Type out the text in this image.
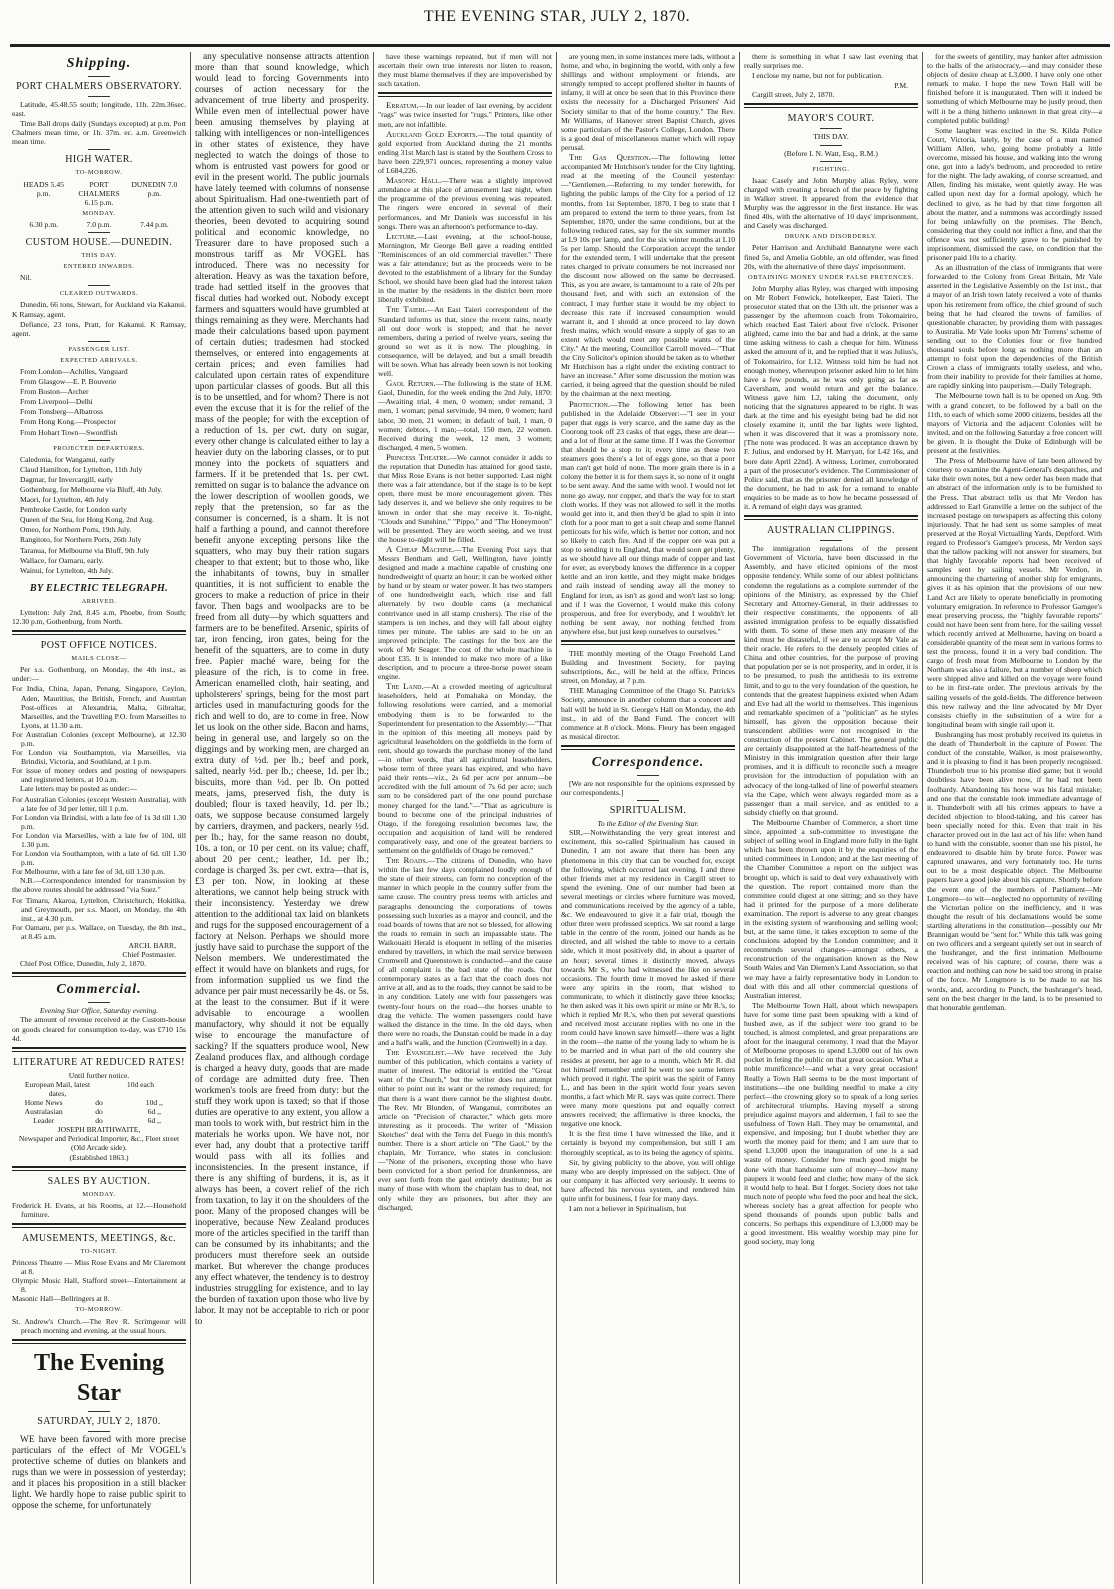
THE EVENING STAR, JULY 2, 1870.
Shipping.
PORT CHALMERS OBSERVATORY.
Latitude, 45.48.55 south; longitude, 11h. 22m.36sec. east.
Time Ball drops daily (Sundays excepted) at p.m. Port Chalmers mean time, or 1h. 37m. ec. a.m. Greenwich mean time.
HIGH WATER.
TO-MORROW.
HEADS 5.45 p.m.
PORT CHALMERS 6.15 p.m.
DUNEDIN 7.0 p.m.
MONDAY.
6.30 p.m.	7.0 p.m.	7.44 p.m.
CUSTOM HOUSE.—DUNEDIN.
THIS DAY.
ENTERED INWARDS.
Nil.
CLEARED OUTWARDS.
Dunedin, 66 tons, Stewart, for Auckland via Kakanui. K Ramsay, agent.
Defiance, 23 tons, Pratt, for Kakanui. K Ramsay, agent.
PASSENGER LIST.
EXPECTED ARRIVALS.
From London—Achilles, Vanguard
From Glasgow—E. P. Bouverie
From Boston—Archer
From Liverpool—Delhi
From Tonsberg—Albatross
From Hong Kong.—Prospector
From Hobart Town—Swordfish
PROJECTED DEPARTURES.
Caledonia, for Wanganui, early
Claud Hamilton, for Lyttelton, 11th July
Dagmar, for Invercargill, early
Gothenburg, for Melbourne via Bluff, 4th July.
Maori, for Lyttelton, 4th July
Pembroke Castle, for London early
Queen of the Sea, for Hong Kong, 2nd Aug.
Omeo, for Northern Ports, 19th July.
Rangitoto, for Northern Ports, 26th July
Taranua, for Melbourne via Bluff, 9th July
Wallace, for Oamaru, early.
Wainui, for Lyttelton, 4th July.
BY ELECTRIC TELEGRAPH.
ARRIVED.
Lyttelton: July 2nd, 8.45 a.m, Phoebe, from South; 12.30 p.m, Gothenburg, from North.
POST OFFICE NOTICES.
MAILS CLOSE—
Per s.s. Gothenburg, on Monday, the 4th inst., as under:—
For India, China, Japan, Penang, Singapore, Ceylon, Aden, Mauritius, the British, French, and Austrian Post-offices at Alexandria, Malta, Gibraltar, Marseilles, and the Travelling P.O. from Marseilles to Lyons, at 11.30 a.m.
For Australian Colonies (except Melbourne), at 12.30 p.m.
For London via Southampton, via Marseilles, via Brindisi, Victoria, and Southland, at 1 p.m.
For issue of money orders and posting of newspapers and registered letters, at 10 a.m.
Late letters may be posted as under:—
For Australian Colonies (except Western Australia), with a late fee of 3d per letter, till 1 p.m.
For London via Brindisi, with a late fee of 1s 3d till 1.30 p.m.
For London via Marseilles, with a late fee of 10d, till 1.30 p.m.
For London via Southampton, with a late of 6d. till 1.30 p.m.
For Melbourne, with a late fee of 3d, till 1.30 p.m.
N.B.—Correspondence intended for transmission by the above routes should be addressed "via Suez."
For Timaru, Akaroa, Lyttelton, Christchurch, Hokitika, and Greymouth, per s.s. Maori, on Monday, the 4th inst., at 4.30 p.m.
For Oamaru, per p.s. Wallace, on Tuesday, the 8th inst., at 8.45 a.m.
ARCH. BARR,
Chief Postmaster.
Chief Post Office, Dunedin, July 2, 1870.
Commercial.
Evening Star Office, Saturday evening.
The amount of revenue received at the Custom-house on goods cleared for consumption to-day, was £710 15s 4d.
LITERATURE AT REDUCED RATES!
Until further notice.
European Mail, latest dates,
10d each
Home News	do	10d ,,
Australasian	do	6d ,,
Leader	do	6d ,,
JOSEPH BRAITHWAITE,
Newspaper and Periodical Importer, &c., Fleet street (Old Arcade side).
(Established 1863.)
SALES BY AUCTION.
MONDAY.
Frederick H. Evans, at his Rooms, at 12.—Household furniture.
AMUSEMENTS, MEETINGS, &c.
TO-NIGHT.
Princess Theatre — Miss Rose Evans and Mr Claremont at 8.
Olympic Music Hall, Stafford street—Entertainment at 8.
Masonic Hall—Bellringers at 8.
TO-MORROW.
St. Andrew's Church.—The Rev R. Scrimgeour will preach morning and evening, at the usual hours.
The Evening Star
SATURDAY, JULY 2, 1870.
WE have been favored with more precise particulars of the effect of Mr VOGEL's protective scheme of duties on blankets and rugs than we were in possession of yesterday; and it places his proposition in a still blacker light. We hardly hope to raise public spirit to oppose the scheme, for unfortunately
any speculative nonsense attracts attention more than that sound knowledge, which would lead to forcing Governments into courses of action necessary for the advancement of true liberty and prosperity. While even men of intellectual power have been amusing themselves by playing at talking with intelligences or non-intelligences in other states of existence, they have neglected to watch the doings of those to whom is entrusted vast powers for good or evil in the present world. The public journals have lately teemed with columns of nonsense about Spiritualism. Had one-twentieth part of the attention given to such wild and visionary theories, been devoted to acquiring sound political and economic knowledge, no Treasurer dare to have proposed such a monstrous tariff as Mr VOGEL has introduced. There was no necessity for alteration. Heavy as was the taxation before, trade had settled itself in the grooves that fiscal duties had worked out. Nobody except farmers and squatters would have grumbled at things remaining as they were. Merchants had made their calculations based upon payment of certain duties; tradesmen had stocked themselves, or entered into engagements at certain prices; and even families had calculated upon certain rates of expenditure upon particular classes of goods. But all this is to be unsettled, and for whom? There is not even the excuse that it is for the relief of the mass of the people; for with the exception of a reduction of 1s. per cwt. duty on sugar, every other change is calculated either to lay a heavier duty on the laboring classes, or to put money into the pockets of squatters and farmers. If it be pretended that 1s. per cwt. remitted on sugar is to balance the advance on the lower description of woollen goods, we reply that the pretension, so far as the consumer is concerned, is a sham. It is not half a farthing a pound, and cannot therefore benefit anyone excepting persons like the squatters, who may buy their ration sugars cheaper to that extent; but to those who, like the inhabitants of towns, buy in smaller quantities, it is not sufficient to enable the grocers to make a reduction of price in their favor. Then bags and woolpacks are to be freed from all duty—by which squatters and farmers are to be benefited. Arsenic, spirits of tar, iron fencing, iron gates, being for the benefit of the squatters, are to come in duty free. Papier maché ware, being for the pleasure of the rich, is to come in free. American enamelled cloth, hair seating, and upholsterers' springs, being for the most part articles used in manufacturing goods for the rich and well to do, are to come in free. Now let us look on the other side. Bacon and hams, being in general use, and largely so on the diggings and by working men, are charged an extra duty of ½d. per lb.; beef and pork, salted, nearly ½d. per lb.; cheese, 1d. per lb.; biscuits, more than ½d. per lb. On potted meats, jams, preserved fish, the duty is doubled; flour is taxed heavily, 1d. per lb.; oats, we suppose because consumed largely by carriers, draymen, and packers, nearly ½d. per lb.; hay, for the same reason no doubt, 10s. a ton, or 10 per cent. on its value; chaff, about 20 per cent.; leather, 1d. per lb.; cordage is charged 3s. per cwt. extra—that is, £3 per ton. Now, in looking at these alterations, we cannot help being struck with their inconsistency. Yesterday we drew attention to the additional tax laid on blankets and rugs for the supposed encouragement of a factory at Nelson. Perhaps we should more justly have said to purchase the support of the Nelson members. We underestimated the effect it would have on blankets and rugs, for from information supplied us we find the advance per pair must necessarily be 4s. or 5s. at the least to the consumer. But if it were advisable to encourage a woollen manufactory, why should it not be equally wise to encourage the manufacture of sacking? If the squatters produce wool, New Zealand produces flax, and although cordage is charged a heavy duty, goods that are made of cordage are admitted duty free. Then workmen's tools are freed from duty: but the stuff they work upon is taxed; so that if those duties are operative to any extent, you allow a man tools to work with, but restrict him in the materials he works upon. We have not, nor ever had, any doubt that a protective tariff would pass with all its follies and inconsistencies. In the present instance, if there is any shifting of burdens, it is, as it always has been, a covert relief of the rich from taxation, to lay it on the shoulders of the poor. Many of the proposed changes will be inoperative, because New Zealand produces more of the articles specified in the tariff than can be consumed by its inhabitants; and the producers must therefore seek an outside market. But wherever the change produces any effect whatever, the tendency is to destroy industries struggling for existence, and to lay the burden of taxation upon those who live by labor. It may not be acceptable to rich or poor to
have these warnings repeated, but if men will not ascertain their own true interests nor listen to reason, they must blame themselves if they are impoverished by such taxation.
Erratum.—In our leader of last evening, by accident "rags" was twice inserted for "rugs." Printers, like other men, are not infallible.
Auckland Gold Exports.—The total quantity of gold exported from Auckland during the 21 months ending 31st March last is stated by the Southern Cross to have been 229,971 ounces, representing a money value of L684,226.
Masonic Hall.—There was a slightly improved attendance at this place of amusement last night, when the programme of the previous evening was repeated. The ringers were encored in several of their performances, and Mr Daniels was successful in his songs. There was an afternoon's performance to-day.
Lecture.—Last evening, at the school-house, Mornington, Mr George Bell gave a reading entitled "Reminiscences of an old commercial traveller." There was a fair attendance; but as the proceeds were to be devoted to the establishment of a library for the Sunday School, we should have been glad had the interest taken in the matter by the residents in the district been more liberally exhibited.
The Taieri.—An East Taieri correspondent of the Standard informs us that, since the recent rains, nearly all out door work is stopped; and that he never remembers, during a period of twelve years, seeing the ground so wet as it is now. The ploughing, in consequence, will be delayed, and but a small breadth will be sown. What has already been sown is not looking well.
Gaol Return.—The following is the state of H.M. Gaol, Dunedin, for the week ending the 2nd July, 1870:—Awaiting trial, 4 men, 0 women; under remand, 3 men, 1 woman; penal servitude, 94 men, 0 women; hard labor, 30 men, 21 women; in default of bail, 1 man, 0 women; debtors, 1 man;—total, 150 men, 22 women. Received during the week, 12 men, 3 women; discharged, 4 men, 5 women.
Princess Theatre.—We cannot consider it adds to the reputation that Dunedin has attained for good taste, that Miss Rose Evans is not better supported. Last night there was a fair attendance, but if the stage is to be kept open, there must be more encouragement given. This lady deserves it, and we believe she only requires to be known in order that she may receive it. To-night, "Clouds and Sunshine," "Pippo," and "The Honeymoon" will be presented. They are worth seeing, and we trust the house to-night will be filled.
A Cheap Machine.—The Evening Post says that Messrs Bentham and Gell, Wellington, have jointly designed and made a machine capable of crushing one hundredweight of quartz an hour; it can be worked either by hand or by steam or water power. It has two stampers of one hundredweight each, which rise and fall alternately by two double cams (a mechanical contrivance used in all stamp crushers). The rise of the stampers is ten inches, and they will fall about eighty times per minute. The tables are said to be on an improved principle. The castings for the box are the work of Mr Seager. The cost of the whole machine is about £35. It is intended to make two more of a like description, and to procure a three-horse power steam engine.
The Land.—At a crowded meeting of agricultural leaseholders, held at Pomahaka on Monday, the following resolutions were carried, and a memorial embodying them is to be forwarded to the Superintendent for presentation to the Assembly:—"That in the opinion of this meeting all moneys paid by agricultural leaseholders on the goldfields in the form of rent, should go towards the purchase money of the land—in other words, that all agricultural leaseholders, whose term of three years has expired, and who have paid their rents—viz., 2s 6d per acre per annum—be accredited with the full amount of 7s 6d per acre; such sum to be considered part of the one pound purchase money charged for the land."—"That as agriculture is bound to become one of the principal industries of Otago, if the foregoing resolution becomes law, the occupation and acquisition of land will be rendered comparatively easy, and one of the greatest barriers to settlement on the goldfields of Otago be removed."
The Roads.—The citizens of Dunedin, who have within the last few days complained loudly enough of the state of their streets, can form no conception of the manner in which people in the country suffer from the same cause. The country press teems with articles and paragraphs denouncing the corporations of towns possessing such luxuries as a mayor and council, and the road boards of towns that are not so blessed, for allowing the roads to remain in such an impassable state. The Waikouaiti Herald is eloquent in telling of the miseries endured by travellers, in which the mail service between Cromwell and Queenstown is conducted—and the cause of all complaint is the bad state of the roads. Our contemporary states as a fact that the coach does not arrive at all, and as to the roads, they cannot be said to be in any condition. Lately one with four passengers was twenty-four hours on the road—the horses unable to drag the vehicle. The women passengers could have walked the distance in the time. In the old days, when there were no roads, the Dunstan could be made in a day and a half's walk, and the Junction (Cromwell) in a day.
The Evangelist.—We have received the July number of this publication, which contains a variety of matter of interest. The editorial is entitled the "Great want of the Church," but the writer does not attempt either to point out its want or the remedy required; for that there is a want there cannot be the slightest doubt. The Rev. Mr Blunden, of Wanganui, contributes an article on "Precision of character," which gets more interesting as it proceeds. The writer of "Mission Sketches" deal with the Terra del Fuego in this month's number. There is a short article on "The Gaol," by the chaplain, Mr Torrance, who states in conclusion:—"None of the prisoners, excepting those who have been convicted for a short period for drunkenness, are ever sent forth from the gaol entirely destitute; but as many of those with whom the chaplain has to deal, not only while they are prisoners, but after they are discharged,
are young men, in some instances mere lads, without a home, and who, in beginning the world, with only a few shillings and without employment or friends, are strongly tempted to accept proffered shelter in haunts of infamy, it will at once be seen that in this Province there exists the necessity for a Discharged Prisoners' Aid Society similar to that of the home country." The Rev. Mr Williams, of Hanover street Baptist Church, gives some particulars of the Pastor's College, London. There is a good deal of miscellaneous matter which will repay perusal.
The Gas Question.—The following letter accompanied Mr Hutchison's tender for the City lighting, read at the meeting of the Council yesterday:—"Gentlemen.—Referring to my tender herewith, for lighting the public lamps of the City for a period of 12 months, from 1st September, 1870, I beg to state that I am prepared to extend the term to three years, from 1st September, 1870, under the same conditions, but at the following reduced rates, say for the six summer months at L9 10s per lamp, and for the six winter months at L10 5s per lamp. Should the Corporation accept the tender for the extended term, I will undertake that the present rates charged to private consumers be not increased nor the discount now allowed on the same be decreased. This, as you are aware, is tantamount to a rate of 20s per thousand feet, and with such an extension of the contract, I may further state it would be my object to decrease this rate if increased consumption would warrant it, and I should at once proceed to lay down fresh mains, which would ensure a supply of gas to an extent which would meet any possible wants of the City." At the meeting, Councillor Carroll moved—"That the City Solicitor's opinion should be taken as to whether Mr Hutchison has a right under the existing contract to have an increase." After some discussion the motion was carried, it being agreed that the question should be ruled by the chairman at the next meeting.
Protection.—The following letter has been published in the Adelaide Observer:—"I see in your paper that eggs is very scarce, and the same day as the Coorong took off 23 casks of that eggs, these are dear—and a lot of flour at the same time. If I was the Governor that should be a stop to it; every time as these two steamers goes there's a lot of eggs gone, so that a poor man can't get hold of none. The more grain there is in a colony the better it is for them says it, so none of it ought to be sent away. And the same with wool. I would not let none go away, nor copper, and that's the way for to start cloth works. If they was not allowed to sell it the moths would get into it, and then they'd be glad to spin it into cloth for a poor man to get a suit cheap and some flannel petticoats for his wife, which is better nor cotton, and not so likely to catch fire. And if the copper ore was put a stop to sending it to England, that would soon get plenty, as we should have all our things made of copper and last for ever, as everybody knows the difference in a copper kettle and an iron kettle, and they might make bridges and rails instead of sending away all the money to England for iron, as isn't as good and won't last so long; and if I was the Governor, I would make this colony prosperous, and free for everybody, and I wouldn't let nothing be sent away, nor nothing fetched from anywhere else, but just keep ourselves to ourselves."
THE monthly meeting of the Otago Freehold Land Building and Investment Society, for paying subscriptions, &c., will be held at the office, Princes street, on Monday, at 7 p.m.
THE Managing Committee of the Otago St. Patrick's Society, announce in another column that a concert and ball will be held in St. George's Hall on Monday, the 4th inst., in aid of the Band Fund. The concert will commence at 8 o'clock. Mons. Fleury has been engaged as musical director.
Correspondence.
[We are not responsible for the opinions expressed by our correspondents.]
SPIRITUALISM.
To the Editor of the Evening Star.
SIR,—Notwithstanding the very great interest and excitement, this so-called Spiritualism has caused in Dunedin, I am not aware that there has been any phenomena in this city that can be vouched for, except the following, which occurred last evening. I and three other friends met at my residence in Cargill street to spend the evening. One of our number had been at several meetings or circles where furniture was moved, and communications received by the agency of a table, &c. We endeavoured to give it a fair trial, though the other three were professed sceptics. We sat round a large table in the centre of the room, joined our hands as he directed, and all wished the table to move to a certain side, which it most positively did, in about a quarter of an hour; several times it distinctly moved, always towards Mr S., who had witnessed the like on several occasions. The fourth time it moved he asked if there were any spirits in the room, that wished to communicate, to which it distinctly gave three knocks; he then asked was it his own spirit or mine or Mr R.'s, to which it replied Mr R.'s, who then put several questions and received most accurate replies with no one in the room could have known save himself—there was a light in the room—the name of the young lady to whom he is to be married and in what part of the old country she resides at present, her age to a month, which Mr R. did not himself remember until he went to see some letters which proved it right. The spirit was the spirit of Fanny L., and has been in the spirit world four years seven months, a fact which Mr R. says was quite correct. There were many more questions put and equally correct answers received; the affirmative is three knocks, the negative one knock.
It is the first time I have witnessed the like, and it certainly is beyond my comprehension, but still I am thoroughly sceptical, as to its being the agency of spirits.
Sir, by giving publicity to the above, you will oblige many who are deeply impressed on the subject. One of our company it has affected very seriously. It seems to have affected his nervous system, and rendered him quite unfit for business, I fear for many days.
I am not a believer in Spiritualism, but
there is something in what I saw last evening that really surprises me.
I enclose my name, but not for publication.
P.M.
Cargill street, July 2, 1870.
MAYOR'S COURT.
THIS DAY.
(Before I. N. Watt, Esq., R.M.)
FIGHTING.
Isaac Casely and John Murphy alias Ryley, were charged with creating a breach of the peace by fighting in Walker street. It appeared from the evidence that Murphy was the aggressor in the first instance. He was fined 40s, with the alternative of 10 days' imprisonment, and Casely was discharged.
DRUNK AND DISORDERLY.
Peter Harrison and Archibald Bannatyne were each fined 5s, and Amelia Gobble, an old offender, was fined 20s, with the alternative of three days' imprisonment.
OBTAINING MONEY UNDER FALSE PRETENCES.
John Murphy alias Ryley, was charged with imposing on Mr Robert Fenwick, hotelkeeper, East Taieri. The prosecutor stated that on the 13th ult. the prisoner was a passenger by the afternoon coach from Tokomairiro, which reached East Taieri about five o'clock. Prisoner alighted, came into the bar and had a drink, at the same time asking witness to cash a cheque for him. Witness asked the amount of it, and he replied that it was Julius's, of Tokomairiro, for L12. Witness told him he had not enough money, whereupon prisoner asked him to let him have a few pounds, as he was only going as far as Caversham, and would return and get the balance. Witness gave him L2, taking the document, only noticing that the signatures appeared to be right. It was dark at the time and his eyesight being bad he did not closely examine it, until the bar lights were lighted, when it was discovered that it was a promissory note. [The note was produced. It was an acceptance drawn by F. Julius, and endorsed by H. Marryatt, for L42 16s, and bore date April 22nd]. A witness, Lorimer, corroborated a part of the prosecutor's evidence. The Commissioner of Police said, that as the prisoner denied all knowledge of the document, he had to ask for a remand to enable enquiries to be made as to how he became possessed of it. A remand of eight days was granted.
AUSTRALIAN CLIPPINGS.
The immigration regulations of the present Government of Victoria, have been discussed in the Assembly, and have elicited opinions of the most opposite tendency. While some of our ablest politicians condemn the regulations as a complete surrender of the opinions of the Ministry, as expressed by the Chief Secretary and Attorney-General, in their addresses to their respective constituents, the opponents of all assisted immigration profess to be equally dissatisfied with them. To some of these men any measure of the kind must be distasteful, if we are to accept Mr Vale as their oracle. He refers to the densely peopled cities of China and other countries, for the purpose of proving that population per se is not prosperity, and in order, it is to be presumed, to push the antithesis to its extreme limit, and to go to the very foundation of the question, he contends that the greatest happiness existed when Adam and Eve had all the world to themselves. This ingenious and remarkable specimen of a "politician" as he styles himself, has given the opposition because their transcendent abilities were not recognised in the construction of the present Cabinet. The general public are certainly disappointed at the half-heartedness of the Ministry in this immigration question after their large promises, and it is difficult to reconcile such a meagre provision for the introduction of population with an advocacy of the long-talked of line of powerful steamers via the Cape, which were always regarded more as a passenger than a mail service, and as entitled to a subsidy chiefly on that ground.
The Melbourne Chamber of Commerce, a short time since, appointed a sub-committee to investigate the subject of selling wool in England more fully in the light which has been thrown upon it by the enquiries of the united committees in London; and at the last meeting of the Chamber Committee a report on the subject was brought up, which is said to deal very exhaustively with the question. The report contained more than the committee could digest at one sitting; and so they have had it printed for the purpose of a more deliberate examination. The report is adverse to any great changes in the existing system of warehousing and selling wool; but, at the same time, it takes exception to some of the conclusions adopted by the London committee; and it recommends several changes—amongst others, a reconstruction of the organisation known as the New South Wales and Van Diemen's Land Association, so that we may have a fairly representative body in London to deal with this and all other commercial questions of Australian interest.
The Melbourne Town Hall, about which newspapers have for some time past been speaking with a kind of hushed awe, as if the subject were too grand to be touched, is almost completed, and great preparations are afoot for the inaugural ceremony. I read that the Mayor of Melbourne proposes to spend L3,000 out of his own pocket in feting the public on that great occasion. What a noble munificence!—and what a very great occasion! Really a Town Hall seems to be the most important of institutions—the one building needful to make a city perfect—the crowning glory so to speak of a long series of architectural triumphs. Having myself a strong prejudice against mayors and aldermen, I fail to see the usefulness of Town Hall. They may be ornamental, and expensive, and imposing; but I doubt whether they are worth the money paid for them; and I am sure that to spend L3,000 upon the inauguration of one is a sad waste of money. Consider how much good might be done with that handsome sum of money—how many paupers it would feed and clothe; how many of the sick it would help to heal. But I forget. Society does not take much note of people who feed the poor and heal the sick, whereas society has a great affection for people who spend thousands of pounds upon public balls and concerts. So perhaps this expenditure of L3,000 may be a good investment. His wealthy worship may pine for good society, may long
for the sweets of gentility, may hanker after admission to the halls of the aristocracy,—and may consider these objects of desire cheap at L3,000. I have only one other remark to make. I hope the new Town Hall will be finished before it is inaugurated. Then will it indeed be something of which Melbourne may be justly proud, then will it be a thing hitherto unknown in that great city—a completed public building!
Some laughter was excited in the St. Kilda Police Court, Victoria, lately, by the case of a man named William Allen, who, going home probably a little overcome, missed his house, and walking into the wrong one, got into a lady's bedroom, and proceeded to retire for the night. The lady awaking, of course screamed, and Allen, finding his mistake, went quietly away. He was called upon next day for a formal apology, which he declined to give, as he had by that time forgotten all about the matter, and a summons was accordingly issued for being unlawfully on the premises. The Bench, considering that they could not inflict a fine, and that the offence was not sufficiently grave to be punished by imprisonment, dismissed the case, on condition that the prisoner paid 10s to a charity.
As an illustration of the class of immigrants that were forwarded to the Colony from Great Britain, Mr Vale asserted in the Legislative Assembly on the 1st inst., that a mayor of an Irish town lately received a vote of thanks upon his retirement from office, the chief ground of such being that he had cleared the towns of families of questionable character, by providing them with passages to Australia. Mr Vale looks upon Mr Torrens' scheme of sending out to the Colonies four or five hundred thousand souls before long as nothing more than an attempt to foist upon the dependencies of the British Crown a class of immigrants totally useless, and who, from their inability to provide for their families at home, are rapidly sinking into pauperism.—Daily Telegraph.
The Melbourne town hall is to be opened on Aug. 9th with a grand concert, to be followed by a ball on the 11th, to each of which some 2000 citizens, besides all the mayors of Victoria and the adjacent Colonies will be invited, and on the following Saturday a free concert will be given. It is thought the Duke of Edinburgh will be present at the festivities.
The Press of Melbourne have of late been allowed by courtesy to examine the Agent-General's despatches, and take their own notes, but a new order has been made that an abstract of the information only is to be furnished to the Press. That abstract tells us that Mr Verdon has addressed to Earl Granville a letter on the subject of the increased postage on newspapers as affecting this colony injuriously. That he had sent us some samples of meat preserved at the Royal Victualling Yards, Deptford. With regard to Professor's Gamgee's process, Mr Verdon says that the tallow packing will not answer for steamers, but that highly favorable reports had been received of samples sent by sailing vessels. Mr Verdon, in announcing the chartering of another ship for emigrants, gives it as his opinion that the provisions of our new Land Act are likely to operate beneficially in promoting voluntary emigration. In reference to Professor Gamgee's meat preserving process, the "highly favorable reports" could not have been sent from here, for the sailing vessel which recently arrived at Melbourne, having on board a considerable quantity of the meat sent in various forms to test the process, found it in a very bad condition. The cargo of fresh meat from Melbourne to London by the Northam was also a failure, but a number of sheep which were shipped alive and killed on the voyage were found to be in first-rate order. The previous arrivals by the sailing vessels of the gold-fields. The difference between this new railway and the line advocated by Mr Dyer consists chiefly in the substitution of a wire for a longitudinal beam with single rail upon it.
Bushranging has most probably received its quietus in the death of Thunderbolt in the capture of Power. The conduct of the constable, Walker, is most praiseworthy, and it is pleasing to find it has been properly recognised. Thunderbolt true to his promise died game; but it would doubtless have been alive now, if he had not been foolhardy. Abandoning his horse was his fatal mistake; and one that the constable took immediate advantage of it. Thunderbolt with all his crimes appears to have a decided objection to blood-taking, and his career has been specially noted for this. Even that trait in his character proved out in the last act of his life: when hand to hand with the constable, sooner than use his pistol, he endeavored to disable him by brute force. Power was captured unawares, and very fortunately too. He turns out to be a most despicable object. The Melbourne papers have a good joke about his capture. Shortly before the event one of the members of Parliament—Mr Longmore—to wit—neglected no opportunity of reviling the Victorian police on the inefficiency, and it was thought the result of his declamations would be some startling alterations in the constitution—possibly our Mr Brannigan would be "sent for." While this talk was going on two officers and a sergeant quietly set out in search of the bushranger, and the first intimation Melbourne received was of his capture; of course, there was a reaction and nothing can now be said too strong in praise of the force. Mr Longmore is to be made to eat his words, and, according to Punch, the bushranger's head, sent on the best charger in the land, is to be presented to that honorable gentleman.
